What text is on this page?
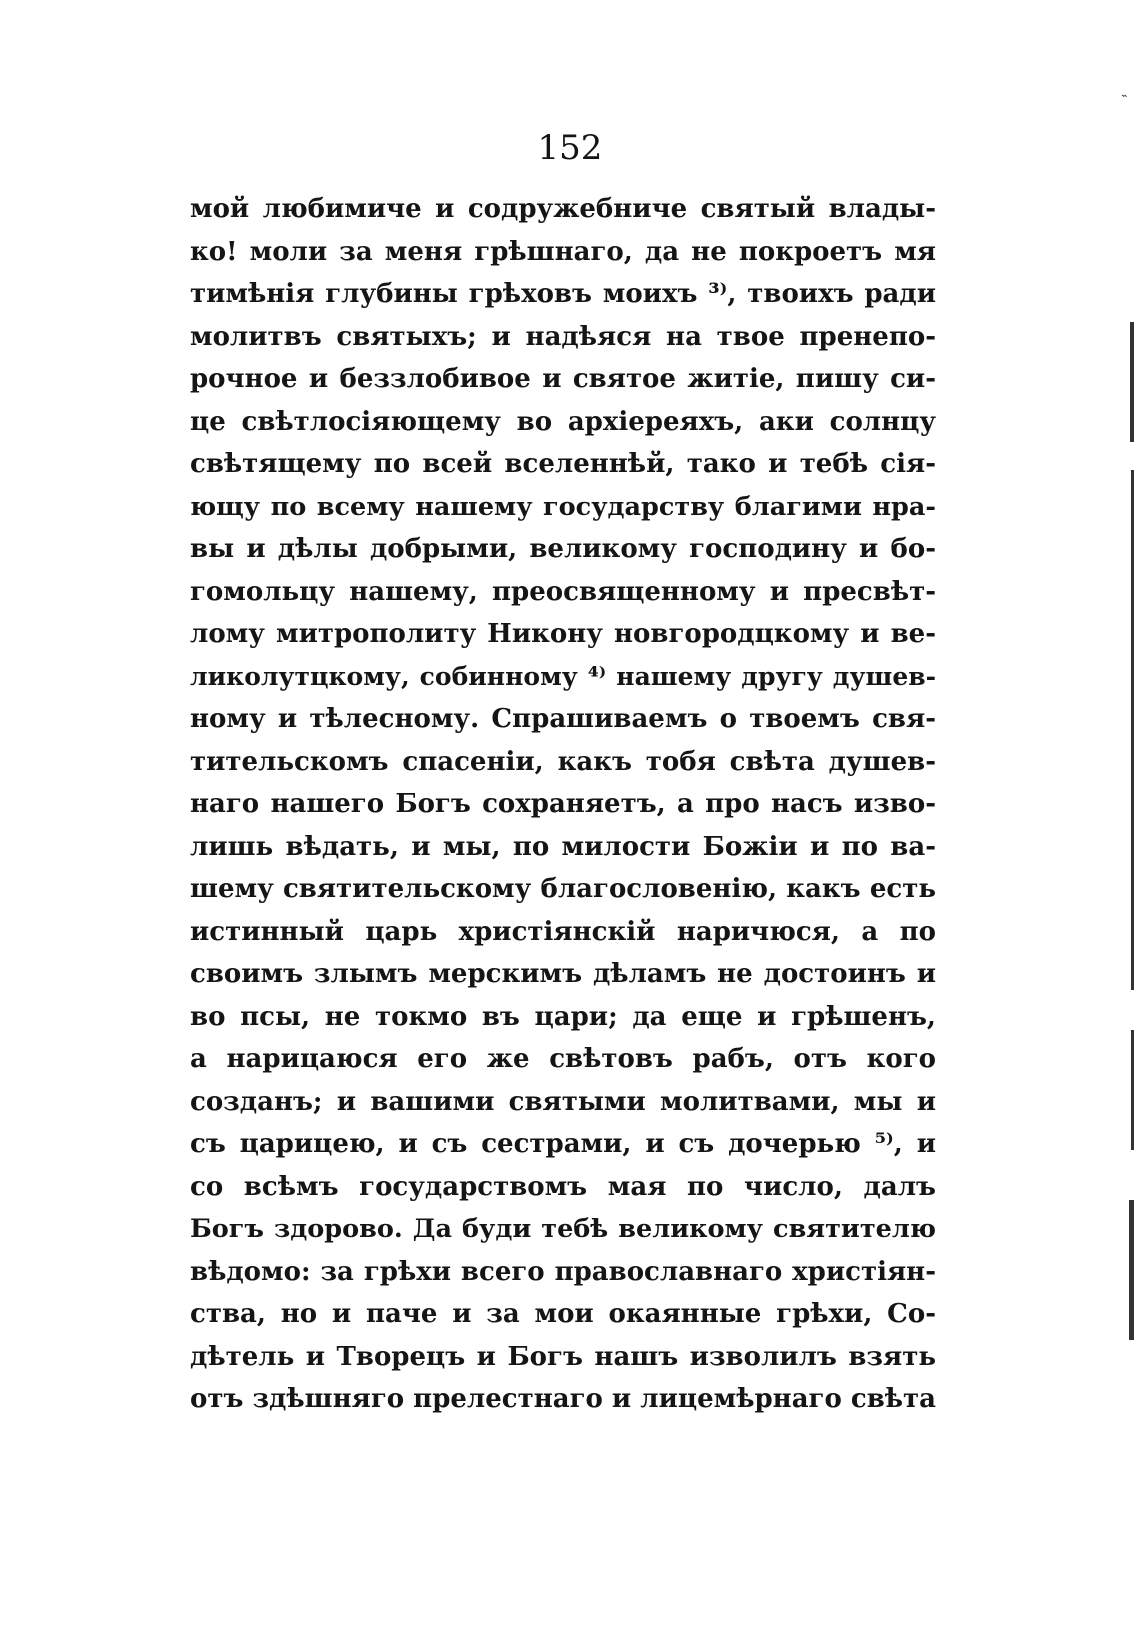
˵
152
мой любимиче и содружебниче святый влады-
ко! моли за меня грѣшнаго, да не покроетъ мя
тимѣнія глубины грѣховъ моихъ ³⁾, твоихъ ради
молитвъ святыхъ; и надѣяся на твое пренепо-
рочное и беззлобивое и святое житіе, пишу си-
це свѣтлосіяющему во архіереяхъ, аки солнцу
свѣтящему по всей вселеннѣй, тако и тебѣ сія-
ющу по всему нашему государству благими нра-
вы и дѣлы добрыми, великому господину и бо-
гомольцу нашему, преосвященному и пресвѣт-
лому митрополиту Никону новгородцкому и ве-
ликолутцкому, собинному ⁴⁾ нашему другу душев-
ному и тѣлесному. Спрашиваемъ о твоемъ свя-
тительскомъ спасеніи, какъ тобя свѣта душев-
наго нашего Богъ сохраняетъ, а про насъ изво-
лишь вѣдать, и мы, по милости Божіи и по ва-
шему святительскому благословенію, какъ есть
истинный царь христіянскій наричюся, а по
своимъ злымъ мерскимъ дѣламъ не достоинъ и
во псы, не токмо въ цари; да еще и грѣшенъ,
а нарицаюся его же свѣтовъ рабъ, отъ кого
созданъ; и вашими святыми молитвами, мы и
съ царицею, и съ сестрами, и съ дочерью ⁵⁾, и
со всѣмъ государствомъ мая по число, далъ
Богъ здорово. Да буди тебѣ великому святителю
вѣдомо: за грѣхи всего православнаго христіян-
ства, но и паче и за мои окаянные грѣхи, Со-
дѣтель и Творецъ и Богъ нашъ изволилъ взять
отъ здѣшняго прелестнаго и лицемѣрнаго свѣта
